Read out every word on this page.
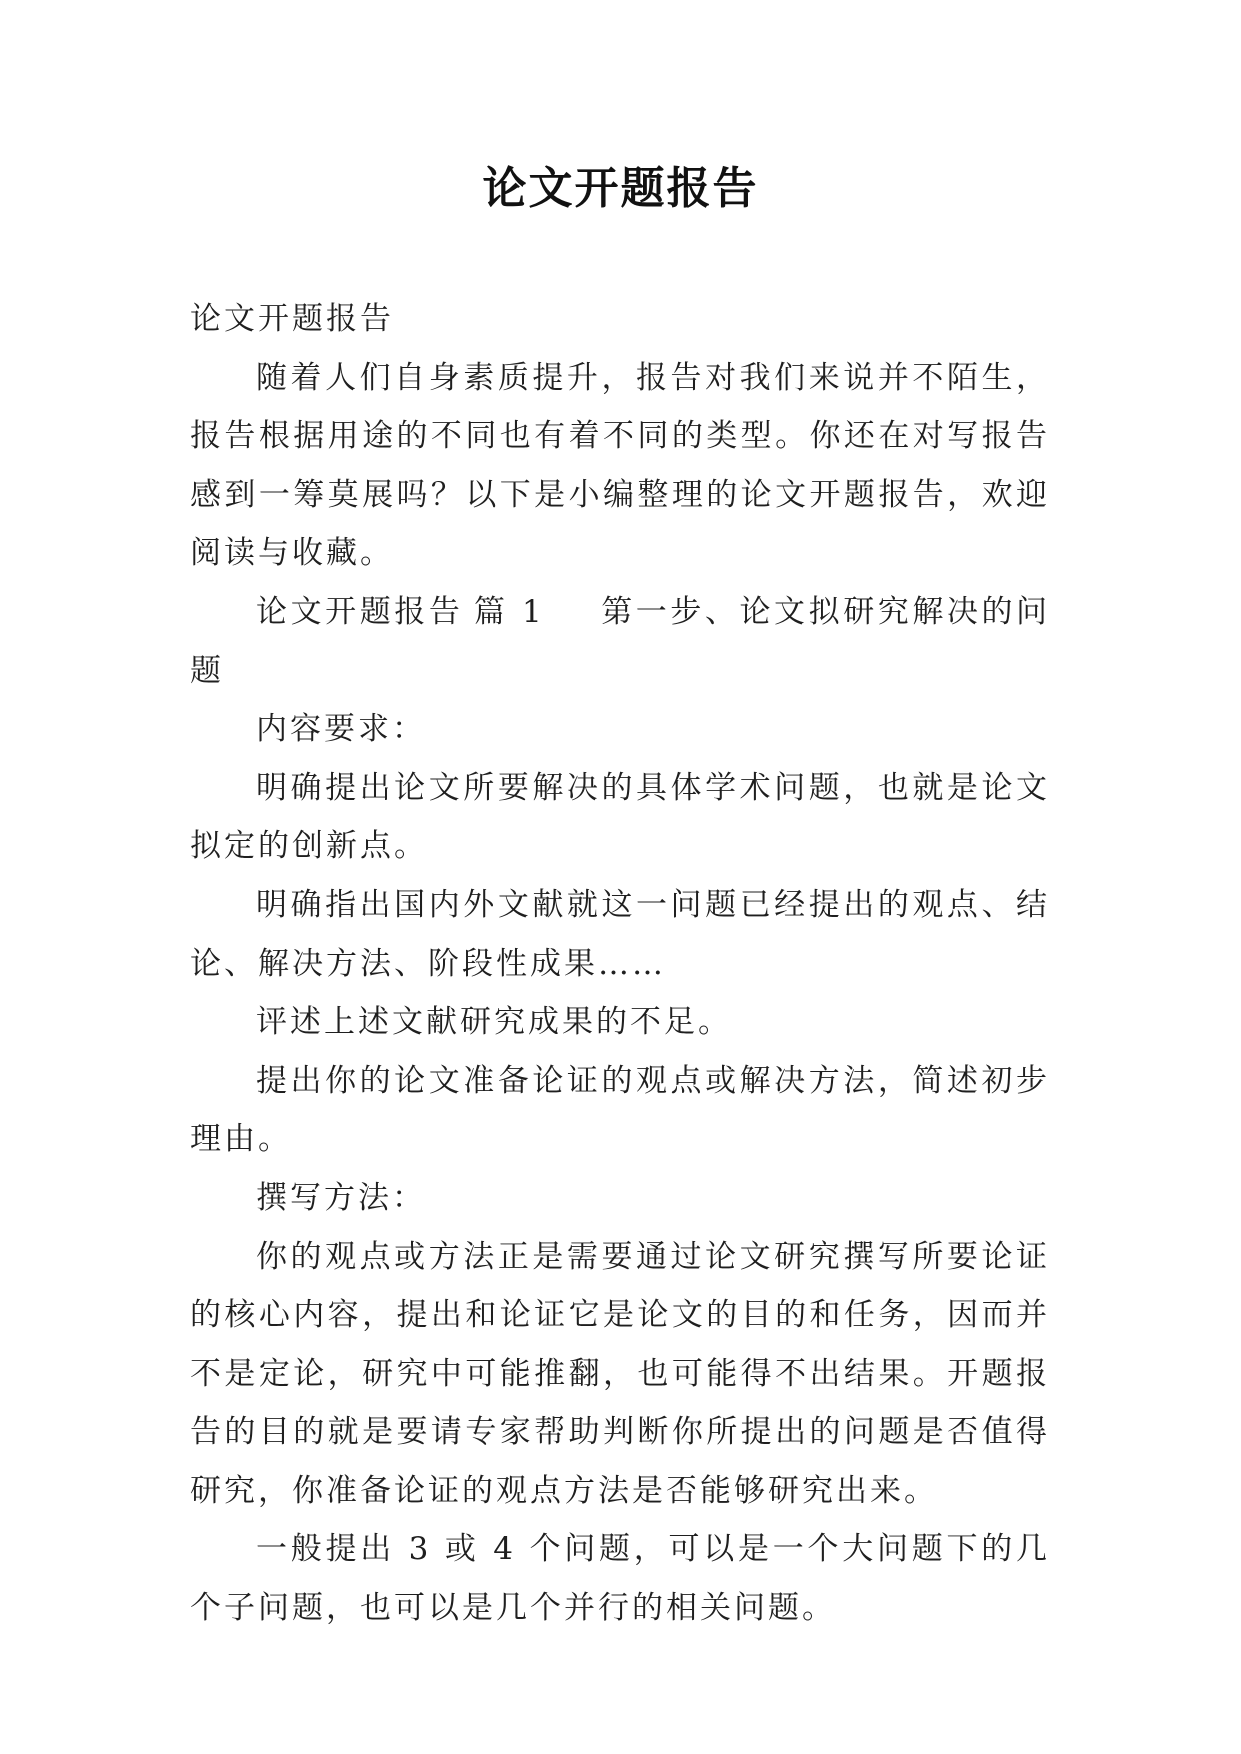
论文开题报告

论文开题报告

随着人们自身素质提升，报告对我们来说并不陌生，报告根据用途的不同也有着不同的类型。你还在对写报告感到一筹莫展吗？以下是小编整理的论文开题报告，欢迎阅读与收藏。

论文开题报告 篇 1 第一步、论文拟研究解决的问题

内容要求：

明确提出论文所要解决的具体学术问题，也就是论文拟定的创新点。

明确指出国内外文献就这一问题已经提出的观点、结论、解决方法、阶段性成果……

评述上述文献研究成果的不足。

提出你的论文准备论证的观点或解决方法，简述初步理由。

撰写方法：

你的观点或方法正是需要通过论文研究撰写所要论证的核心内容，提出和论证它是论文的目的和任务，因而并不是定论，研究中可能推翻，也可能得不出结果。开题报告的目的就是要请专家帮助判断你所提出的问题是否值得研究，你准备论证的观点方法是否能够研究出来。

一般提出 3 或 4 个问题，可以是一个大问题下的几个子问题，也可以是几个并行的相关问题。
